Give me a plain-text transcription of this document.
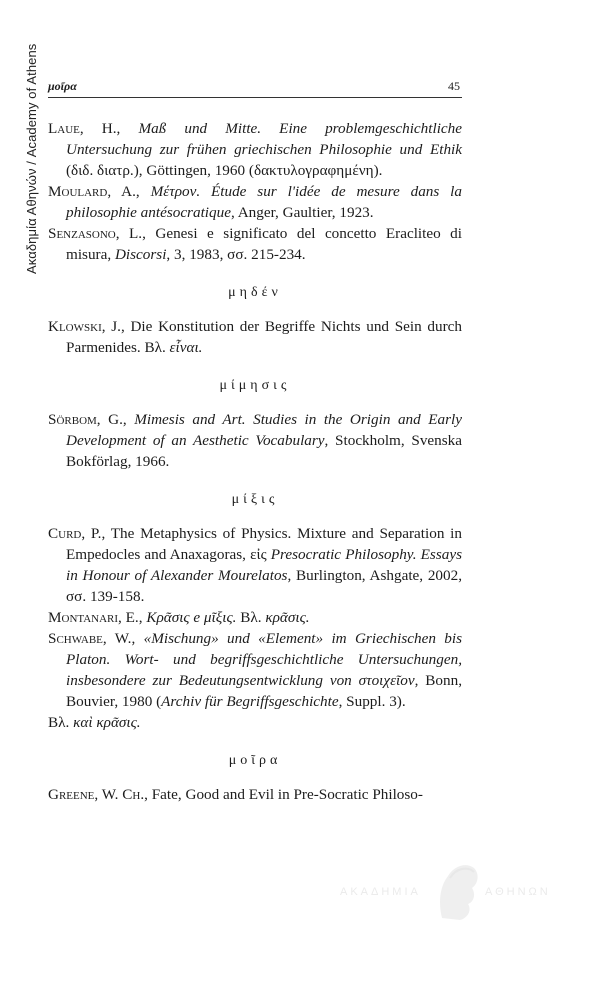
Ακαδημία Αθηνών / Academy of Athens μοῖρα	45

Laue, H., Maß und Mitte. Eine problemgeschichtliche Untersuchung zur frühen griechischen Philosophie und Ethik (διδ. διατρ.), Göttingen, 1960 (δακτυλογραφημένη).

Moulard, A., Μέτρον. Étude sur l'idée de mesure dans la philosophie antésocratique, Anger, Gaultier, 1923.

Senzasono, L., Genesi e significato del concetto Eracliteo di misura, Discorsi, 3, 1983, σσ. 215-234.

μηδέν

Klowski, J., Die Konstitution der Begriffe Nichts und Sein durch Parmenides. Βλ. εἶναι.

μίμησις

Sörbom, G., Mimesis and Art. Studies in the Origin and Early Development of an Aesthetic Vocabulary, Stockholm, Svenska Bokförlag, 1966.

μίξις

Curd, P., The Metaphysics of Physics. Mixture and Separation in Empedocles and Anaxagoras, εἰς Presocratic Philosophy. Essays in Honour of Alexander Mourelatos, Burlington, Ashgate, 2002, σσ. 139-158.

Montanari, E., Κρᾶσις e μῖξις. Βλ. κρᾶσις.

Schwabe, W., «Mischung» und «Element» im Griechischen bis Platon. Wort- und begriffsgeschichtliche Untersuchungen, insbesondere zur Bedeutungsentwicklung von στοιχεῖον, Bonn, Bouvier, 1980 (Archiv für Begriffsgeschichte, Suppl. 3).

Βλ. καὶ κρᾶσις.

μοῖρα

Greene, W. Ch., Fate, Good and Evil in Pre-Socratic Philoso-

ΑΚΑΔΗΜΙΑ	ΑΘΗΝΩΝ
